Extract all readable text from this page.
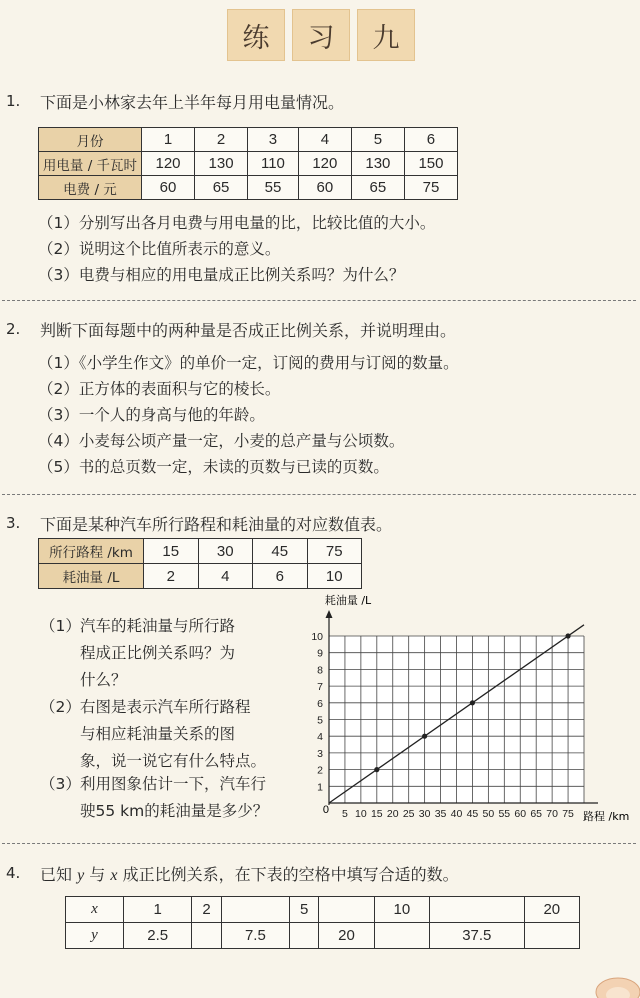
练	习	九
1. 下面是小林家去年上半年每月用电量情况。
月份	1	2	3	4	5	6
用电量 / 千瓦时	120	130	110	120	130	150
电费 / 元	60	65	55	60	65	75
（1）分别写出各月电费与用电量的比，比较比值的大小。
（2）说明这个比值所表示的意义。
（3）电费与相应的用电量成正比例关系吗？为什么？
2. 判断下面每题中的两种量是否成正比例关系，并说明理由。
（1）《小学生作文》的单价一定，订阅的费用与订阅的数量。
（2）正方体的表面积与它的棱长。
（3）一个人的身高与他的年龄。
（4）小麦每公顷产量一定，小麦的总产量与公顷数。
（5）书的总页数一定，未读的页数与已读的页数。
3. 下面是某种汽车所行路程和耗油量的对应数值表。
所行路程 /km	15	30	45	75
耗油量 /L	2	4	6	10
（1） 汽车的耗油量与所行路
程成正比例关系吗？为
什么？
（2） 右图是表示汽车所行路程
与相应耗油量关系的图
象，说一说它有什么特点。
（3） 利用图象估计一下，汽车行
驶55 km的耗油量是多少？	5 10 15 20 25 30 35 40 45 50 55 60 65 70 75
1
2
3
4
5
6
7
8
9
10
0
耗油量 /L
路程 /km
4. 已知 y 与 x 成正比例关系，在下表的空格中填写合适的数。
x	1	2		5		10		20
y	2.5		7.5		20		37.5	
